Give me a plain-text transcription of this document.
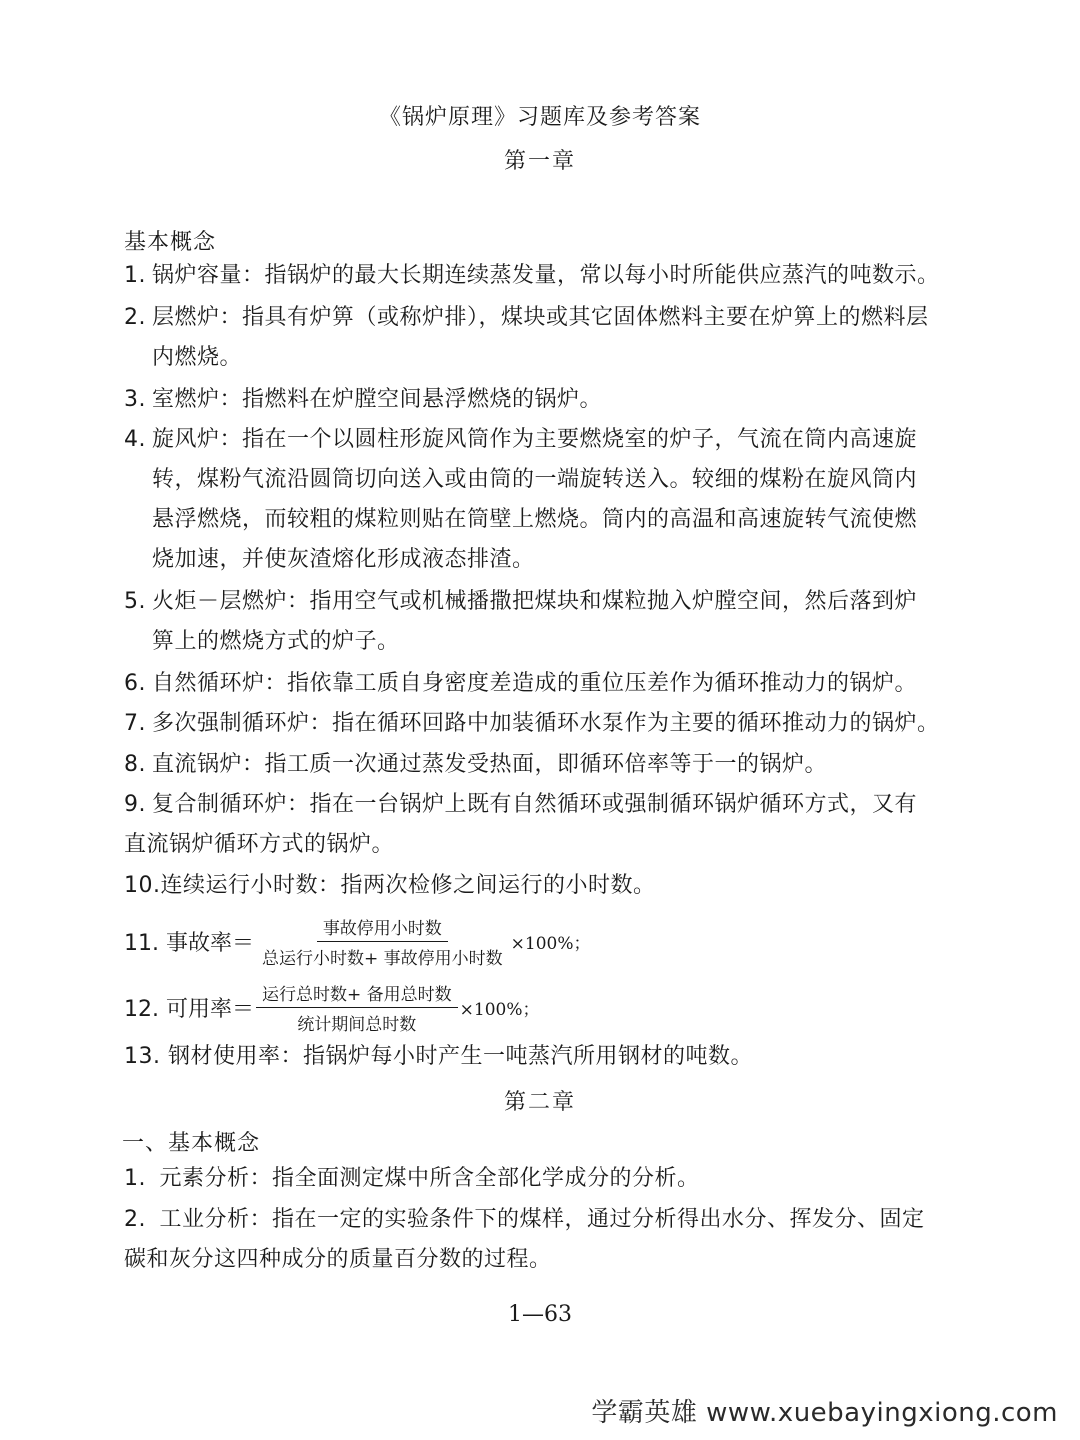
《锅炉原理》习题库及参考答案
第一章
基本概念
1. 锅炉容量：指锅炉的最大长期连续蒸发量，常以每小时所能供应蒸汽的吨数示。
2. 层燃炉：指具有炉箅（或称炉排），煤块或其它固体燃料主要在炉箅上的燃料层
内燃烧。
3. 室燃炉：指燃料在炉膛空间悬浮燃烧的锅炉。
4. 旋风炉：指在一个以圆柱形旋风筒作为主要燃烧室的炉子，气流在筒内高速旋
转，煤粉气流沿圆筒切向送入或由筒的一端旋转送入。较细的煤粉在旋风筒内
悬浮燃烧，而较粗的煤粒则贴在筒壁上燃烧。筒内的高温和高速旋转气流使燃
烧加速，并使灰渣熔化形成液态排渣。
5. 火炬－层燃炉：指用空气或机械播撒把煤块和煤粒抛入炉膛空间，然后落到炉
箅上的燃烧方式的炉子。
6. 自然循环炉：指依靠工质自身密度差造成的重位压差作为循环推动力的锅炉。
7. 多次强制循环炉：指在循环回路中加装循环水泵作为主要的循环推动力的锅炉。
8. 直流锅炉：指工质一次通过蒸发受热面，即循环倍率等于一的锅炉。
9. 复合制循环炉：指在一台锅炉上既有自然循环或强制循环锅炉循环方式，又有
直流锅炉循环方式的锅炉。
10.连续运行小时数：指两次检修之间运行的小时数。
11. 事故率＝ $\frac{\text{事故停用小时数}}{\text{总运行小时数+ 事故停用小时数}} \times 100\%$；
12. 可用率＝ $\frac{\text{运行总时数+ 备用总时数}}{\text{统计期间总时数}} \times 100\%$；
13. 钢材使用率：指锅炉每小时产生一吨蒸汽所用钢材的吨数。
第二章
一、基本概念
1. 元素分析：指全面测定煤中所含全部化学成分的分析。
2. 工业分析：指在一定的实验条件下的煤样，通过分析得出水分、挥发分、固定
碳和灰分这四种成分的质量百分数的过程。
1—63
学霸英雄 www.xuebayingxiong.com
